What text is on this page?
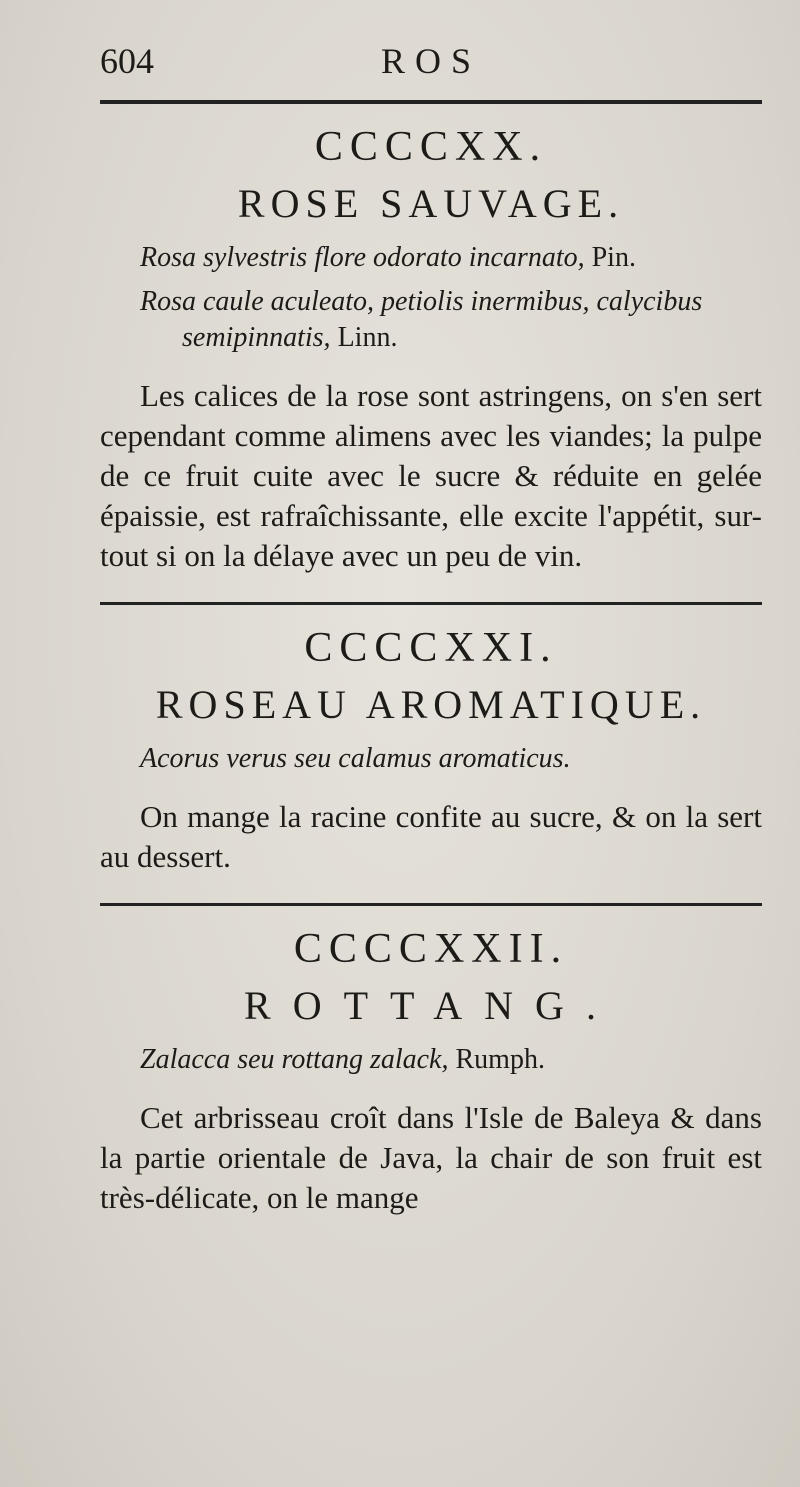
604	ROS
CCCCXX.
ROSE SAUVAGE.
Rosa sylvestris flore odorato incarnato, Pin.
Rosa caule aculeato, petiolis inermibus, calycibus semipinnatis, Linn.

Les calices de la rose sont astringens, on s'en sert cependant comme alimens avec les viandes; la pulpe de ce fruit cuite avec le sucre & réduite en gelée épaissie, est rafraîchissante, elle excite l'appétit, sur-tout si on la délaye avec un peu de vin.

CCCCXXI.
ROSEAU AROMATIQUE.
Acorus verus seu calamus aromaticus.

On mange la racine confite au sucre, & on la sert au dessert.

CCCCXXII.
ROTTANG.
Zalacca seu rottang zalack, Rumph.

Cet arbrisseau croît dans l'Isle de Baleya & dans la partie orientale de Java, la chair de son fruit est très-délicate, on le mange
